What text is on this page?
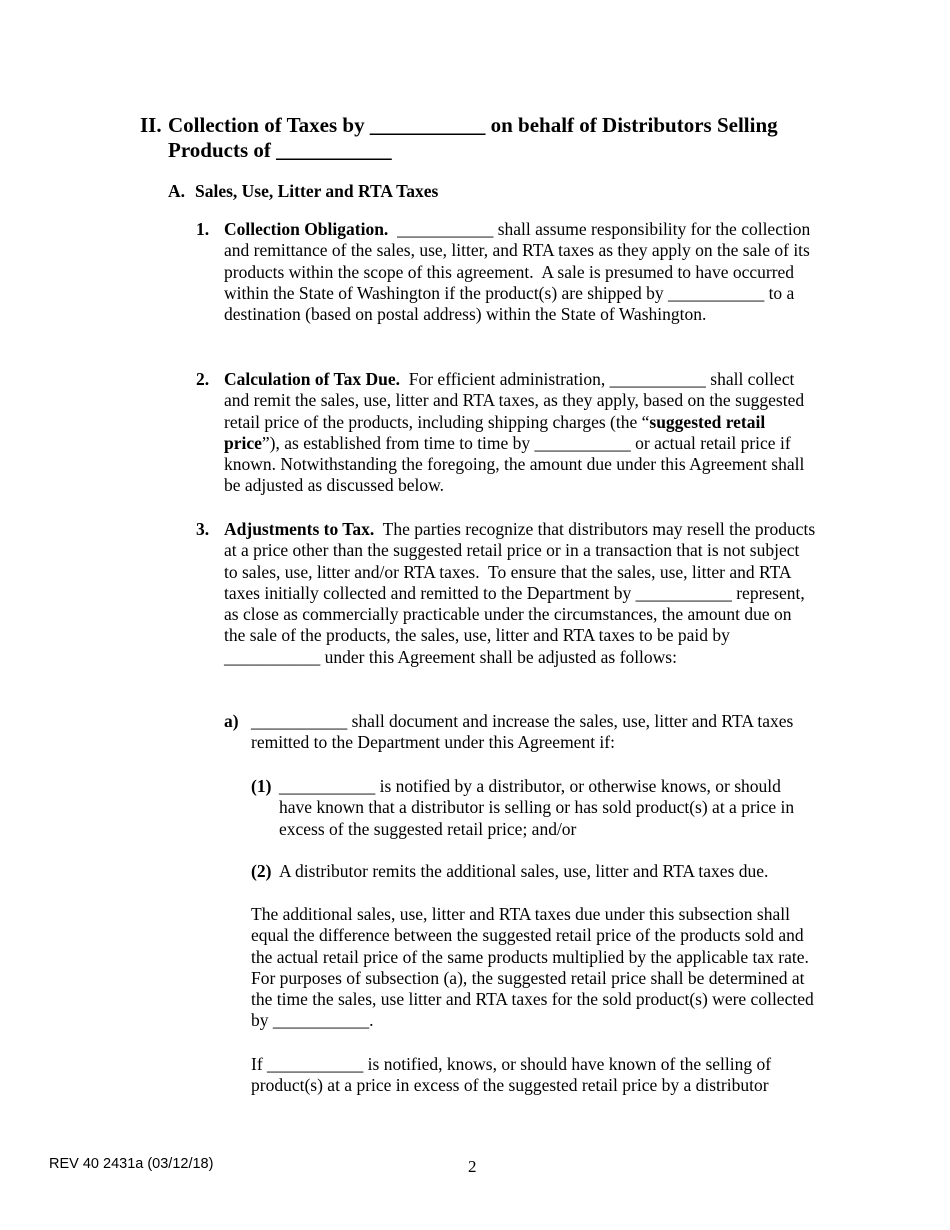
II. Collection of Taxes by ___________ on behalf of Distributors Selling Products of ___________
A. Sales, Use, Litter and RTA Taxes
1. Collection Obligation.  ___________ shall assume responsibility for the collection and remittance of the sales, use, litter, and RTA taxes as they apply on the sale of its products within the scope of this agreement.  A sale is presumed to have occurred within the State of Washington if the product(s) are shipped by ___________ to a destination (based on postal address) within the State of Washington.
2. Calculation of Tax Due.  For efficient administration, ___________ shall collect and remit the sales, use, litter and RTA taxes, as they apply, based on the suggested retail price of the products, including shipping charges (the “suggested retail price”), as established from time to time by ___________ or actual retail price if known. Notwithstanding the foregoing, the amount due under this Agreement shall be adjusted as discussed below.
3. Adjustments to Tax.  The parties recognize that distributors may resell the products at a price other than the suggested retail price or in a transaction that is not subject to sales, use, litter and/or RTA taxes.  To ensure that the sales, use, litter and RTA taxes initially collected and remitted to the Department by ___________ represent, as close as commercially practicable under the circumstances, the amount due on the sale of the products, the sales, use, litter and RTA taxes to be paid by ___________ under this Agreement shall be adjusted as follows:
a) ___________ shall document and increase the sales, use, litter and RTA taxes remitted to the Department under this Agreement if:
(1) ___________ is notified by a distributor, or otherwise knows, or should have known that a distributor is selling or has sold product(s) at a price in excess of the suggested retail price; and/or
(2) A distributor remits the additional sales, use, litter and RTA taxes due.

The additional sales, use, litter and RTA taxes due under this subsection shall equal the difference between the suggested retail price of the products sold and the actual retail price of the same products multiplied by the applicable tax rate. For purposes of subsection (a), the suggested retail price shall be determined at the time the sales, use litter and RTA taxes for the sold product(s) were collected by ___________.

If ___________ is notified, knows, or should have known of the selling of product(s) at a price in excess of the suggested retail price by a distributor

REV 40 2431a (03/12/18)	2
